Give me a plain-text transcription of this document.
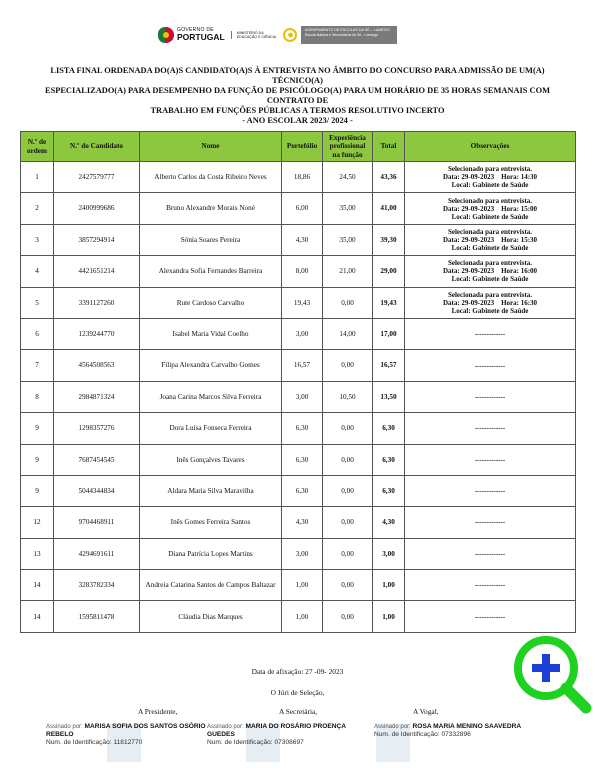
GOVERNO DE
PORTUGAL	MINISTÉRIO DA EDUCAÇÃO E CIÊNCIA
AGRUPAMENTO DE ESCOLAS DA SÉ – LAMEGO
Escola Básica e Secundária da Sé - Lamego
LISTA FINAL ORDENADA DO(A)S CANDIDATO(A)S À ENTREVISTA NO ÂMBITO DO CONCURSO PARA ADMISSÃO DE UM(A) TÉCNICO(A)
ESPECIALIZADO(A) PARA DESEMPENHO DA FUNÇÃO DE PSICÓLOGO(A) PARA UM HORÁRIO DE 35 HORAS SEMANAIS COM CONTRATO DE
TRABALHO EM FUNÇÕES PÚBLICAS A TERMOS RESOLUTIVO INCERTO
- ANO ESCOLAR 2023/ 2024 -
N.º de ordem	N.º do Candidato	Nome	Portefólio	Experiência profissional na função	Total	Observações
1	2427579777	Alberto Carlos da Costa Ribeiro Neves	18,86	24,50	43,36	Selecionado para entrevista.
Data: 29-09-2023    Hora: 14:30
Local: Gabinete de Saúde

2	2400999686	Bruno Alexandre Morais Noné	6,00	35,00	41,00	Selecionado para entrevista.
Data: 29-09-2023    Hora: 15:00
Local: Gabinete de Saúde

3	3857294914	Sónia Soares Pereira	4,30	35,00	39,30	Selecionada para entrevista.
Data: 29-09-2023    Hora: 15:30
Local: Gabinete de Saúde

4	4421651214	Alexandra Sofia Fernandes Barreira	8,00	21,00	29,00	Selecionada para entrevista.
Data: 29-09-2023    Hora: 16:00
Local: Gabinete de Saúde

5	3391127260	Rute Cardoso Carvalho	19,43	0,00	19,43	Selecionada para entrevista.
Data: 29-09-2023    Hora: 16:30
Local: Gabinete de Saúde

6	1239244770	Isabel Maria Vidal Coelho	3,00	14,00	17,00	-------------

7	4564508563	Filipa Alexandra Carvalho Gomes	16,57	0,00	16,57	-------------

8	2984871324	Joana Carina Marcos Silva Ferreira	3,00	10,50	13,50	-------------

9	1298357276	Dora Luísa Fonseca Ferreira	6,30	0,00	6,30	-------------

9	7687454545	Inês Gonçalves Tavares	6,30	0,00	6,30	-------------

9	5044344834	Aldara Maria Silva Maravilha	6,30	0,00	6,30	-------------

12	9704468911	Inês Gomes Ferreira Santos	4,30	0,00	4,30	-------------

13	4294691611	Diana Patrícia Lopes Martins	3,00	0,00	3,00	-------------

14	3283782334	Andreia Catarina Santos de Campos Baltazar	1,00	0,00	1,00	-------------

14	1595811478	Cláudia Dias Marques	1,00	0,00	1,00	-------------
Data de afixação: 27 -09- 2023
O Júri de Seleção,
A Presidente,	A Secretária,	A Vogal,
Assinado por: MARISA SOFIA DOS SANTOS OSÓRIO REBELO
Num. de Identificação: 11812770
Assinado por: MARIA DO ROSÁRIO PROENÇA GUEDES
Num. de Identificação: 07308697
Assinado por: ROSA MARIA MENINO SAAVEDRA
Num. de Identificação: 07332896
